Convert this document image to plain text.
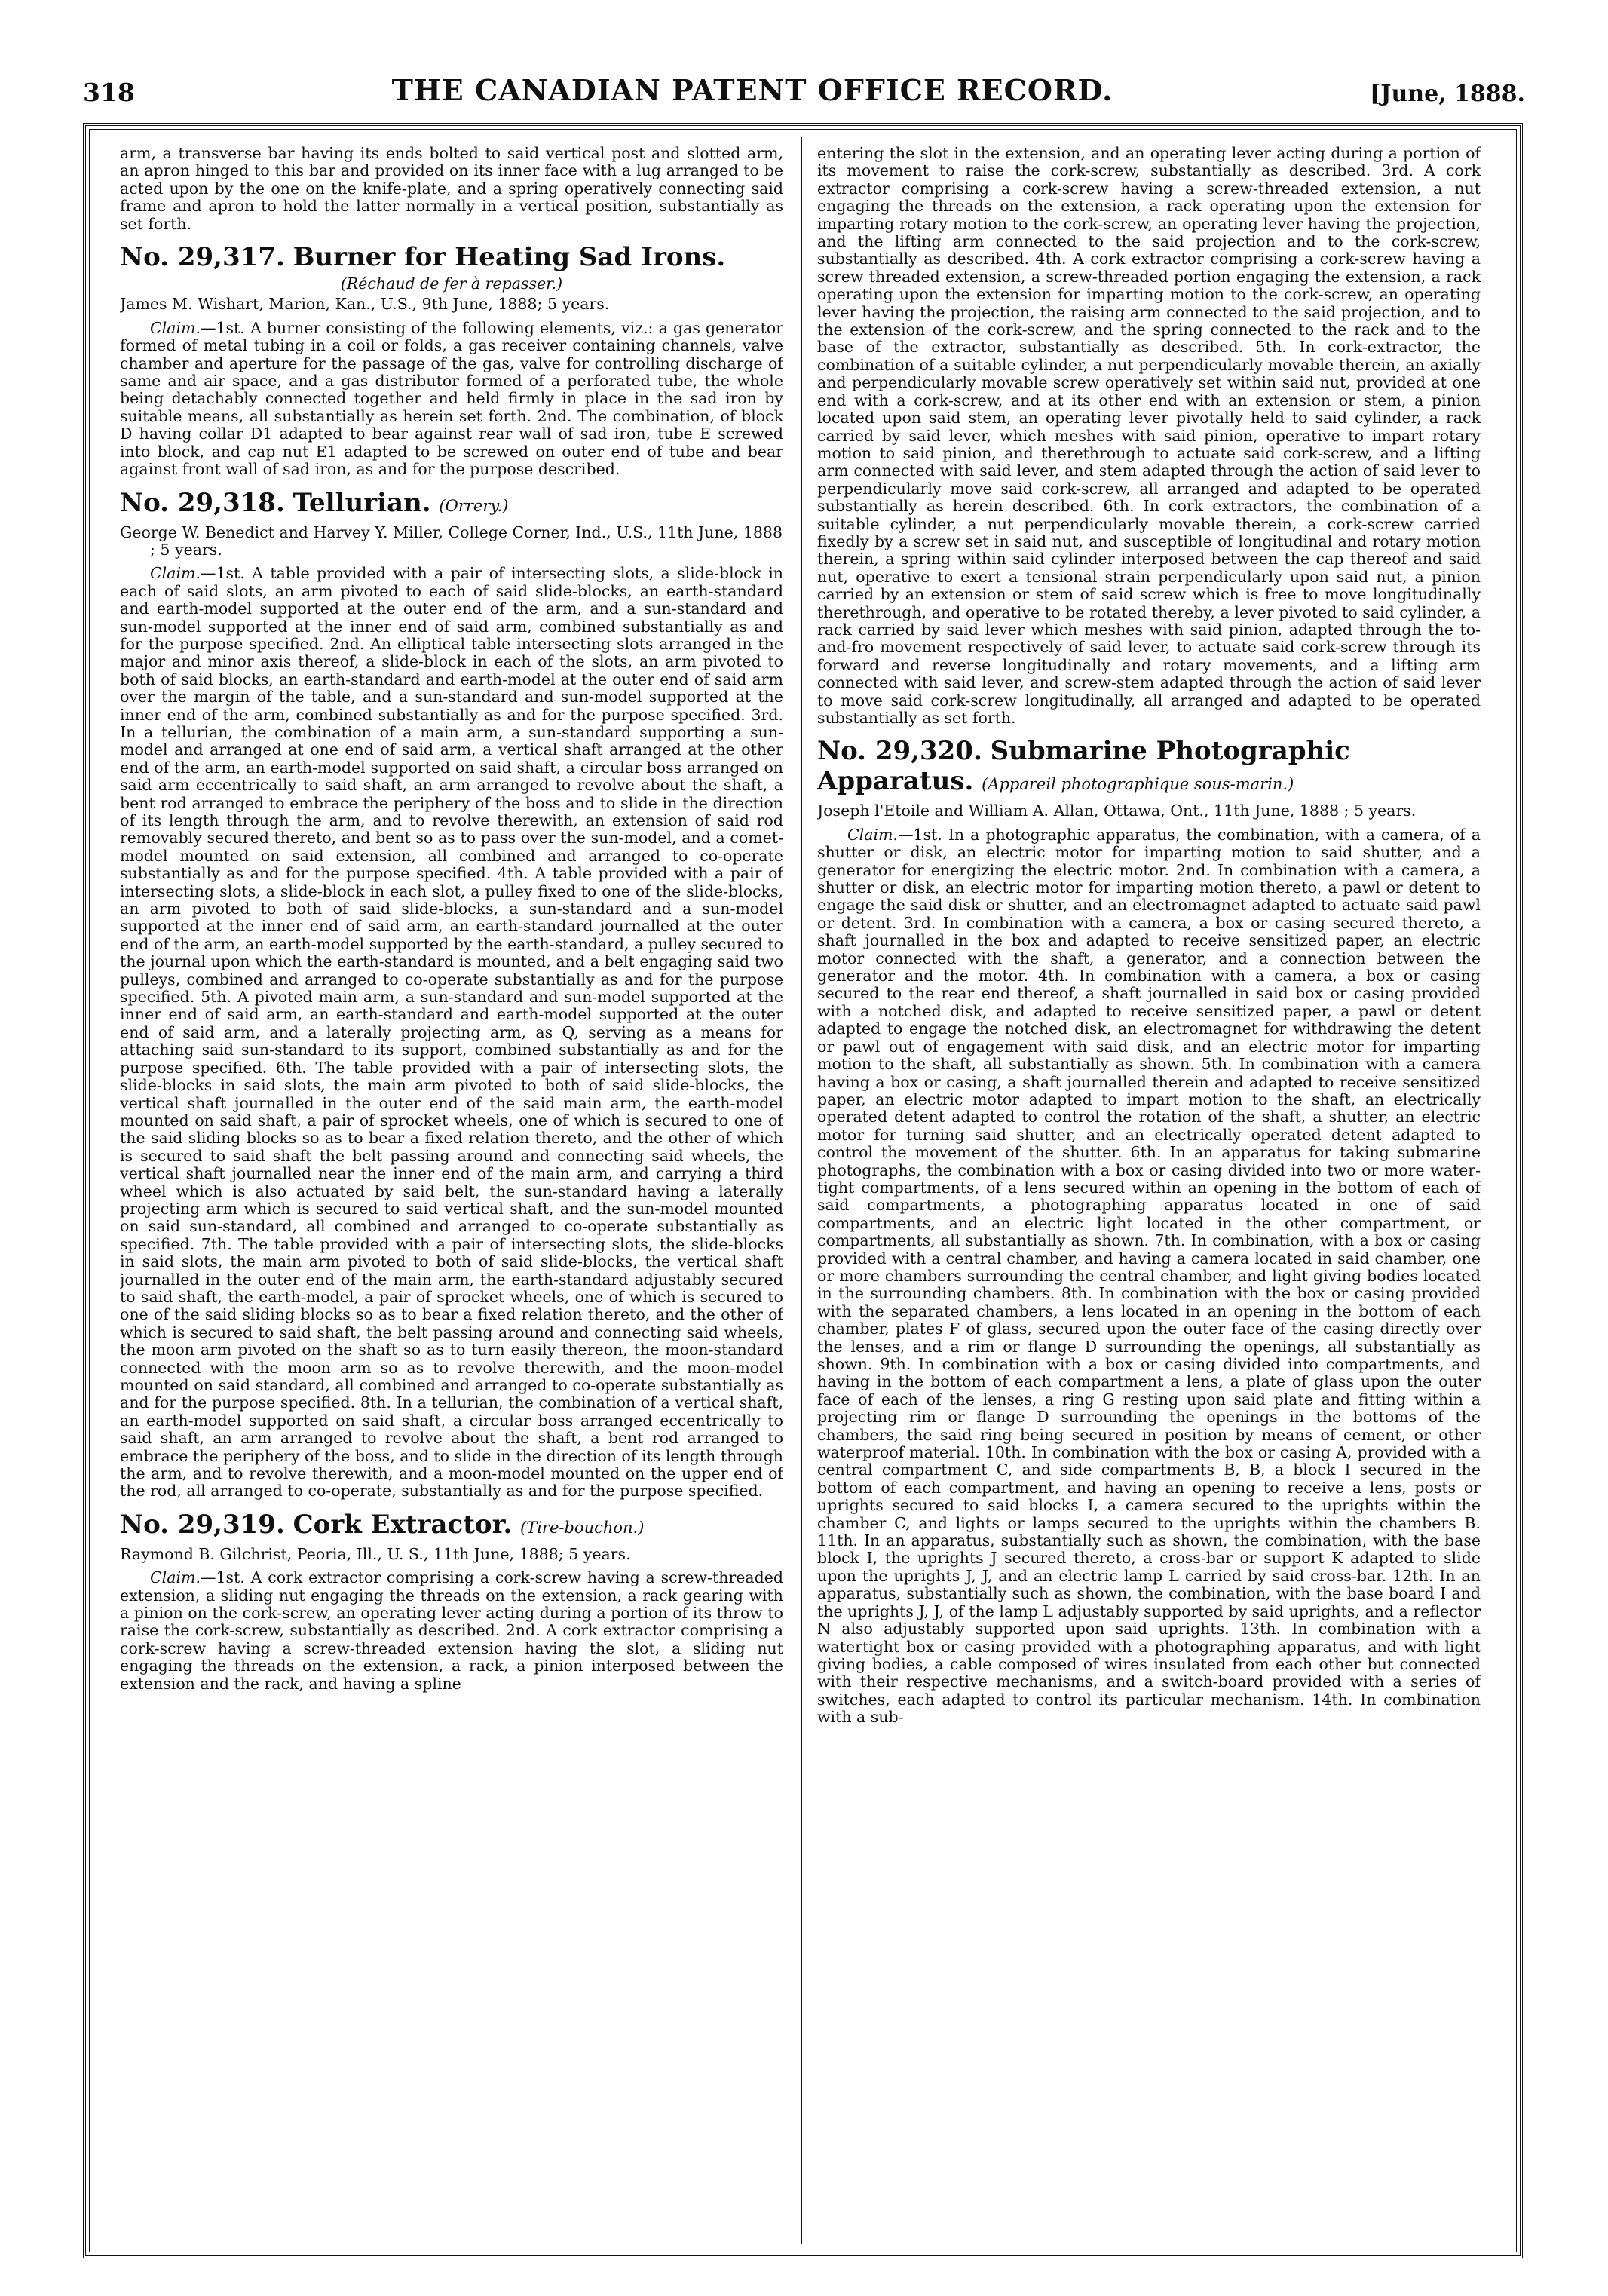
318	THE CANADIAN PATENT OFFICE RECORD.	[June, 1888.

arm, a transverse bar having its ends bolted to said vertical post and slotted arm, an apron hinged to this bar and provided on its inner face with a lug arranged to be acted upon by the one on the knife-plate, and a spring operatively connecting said frame and apron to hold the latter normally in a vertical position, substantially as set forth.

No. 29,317. Burner for Heating Sad Irons.

(Réchaud de fer à repasser.)

James M. Wishart, Marion, Kan., U.S., 9th June, 1888; 5 years.

Claim.—1st. A burner consisting of the following elements, viz.: a gas generator formed of metal tubing in a coil or folds, a gas receiver containing channels, valve chamber and aperture for the passage of the gas, valve for controlling discharge of same and air space, and a gas distributor formed of a perforated tube, the whole being detachably connected together and held firmly in place in the sad iron by suitable means, all substantially as herein set forth. 2nd. The combination, of block D having collar D1 adapted to bear against rear wall of sad iron, tube E screwed into block, and cap nut E1 adapted to be screwed on outer end of tube and bear against front wall of sad iron, as and for the purpose described.

No. 29,318. Tellurian. (Orrery.)

George W. Benedict and Harvey Y. Miller, College Corner, Ind., U.S., 11th June, 1888 ; 5 years.

Claim.—1st. A table provided with a pair of intersecting slots, a slide-block in each of said slots, an arm pivoted to each of said slide-blocks, an earth-standard and earth-model supported at the outer end of the arm, and a sun-standard and sun-model supported at the inner end of said arm, combined substantially as and for the purpose specified. 2nd. An elliptical table intersecting slots arranged in the major and minor axis thereof, a slide-block in each of the slots, an arm pivoted to both of said blocks, an earth-standard and earth-model at the outer end of said arm over the margin of the table, and a sun-standard and sun-model supported at the inner end of the arm, combined substantially as and for the purpose specified. 3rd. In a tellurian, the combination of a main arm, a sun-standard supporting a sun-model and arranged at one end of said arm, a vertical shaft arranged at the other end of the arm, an earth-model supported on said shaft, a circular boss arranged on said arm eccentrically to said shaft, an arm arranged to revolve about the shaft, a bent rod arranged to embrace the periphery of the boss and to slide in the direction of its length through the arm, and to revolve therewith, an extension of said rod removably secured thereto, and bent so as to pass over the sun-model, and a comet-model mounted on said extension, all combined and arranged to co-operate substantially as and for the purpose specified. 4th. A table provided with a pair of intersecting slots, a slide-block in each slot, a pulley fixed to one of the slide-blocks, an arm pivoted to both of said slide-blocks, a sun-standard and a sun-model supported at the inner end of said arm, an earth-standard journalled at the outer end of the arm, an earth-model supported by the earth-standard, a pulley secured to the journal upon which the earth-standard is mounted, and a belt engaging said two pulleys, combined and arranged to co-operate substantially as and for the purpose specified. 5th. A pivoted main arm, a sun-standard and sun-model supported at the inner end of said arm, an earth-standard and earth-model supported at the outer end of said arm, and a laterally projecting arm, as Q, serving as a means for attaching said sun-standard to its support, combined substantially as and for the purpose specified. 6th. The table provided with a pair of intersecting slots, the slide-blocks in said slots, the main arm pivoted to both of said slide-blocks, the vertical shaft journalled in the outer end of the said main arm, the earth-model mounted on said shaft, a pair of sprocket wheels, one of which is secured to one of the said sliding blocks so as to bear a fixed relation thereto, and the other of which is secured to said shaft the belt passing around and connecting said wheels, the vertical shaft journalled near the inner end of the main arm, and carrying a third wheel which is also actuated by said belt, the sun-standard having a laterally projecting arm which is secured to said vertical shaft, and the sun-model mounted on said sun-standard, all combined and arranged to co-operate substantially as specified. 7th. The table provided with a pair of intersecting slots, the slide-blocks in said slots, the main arm pivoted to both of said slide-blocks, the vertical shaft journalled in the outer end of the main arm, the earth-standard adjustably secured to said shaft, the earth-model, a pair of sprocket wheels, one of which is secured to one of the said sliding blocks so as to bear a fixed relation thereto, and the other of which is secured to said shaft, the belt passing around and connecting said wheels, the moon arm pivoted on the shaft so as to turn easily thereon, the moon-standard connected with the moon arm so as to revolve therewith, and the moon-model mounted on said standard, all combined and arranged to co-operate substantially as and for the purpose specified. 8th. In a tellurian, the combination of a vertical shaft, an earth-model supported on said shaft, a circular boss arranged eccentrically to said shaft, an arm arranged to revolve about the shaft, a bent rod arranged to embrace the periphery of the boss, and to slide in the direction of its length through the arm, and to revolve therewith, and a moon-model mounted on the upper end of the rod, all arranged to co-operate, substantially as and for the purpose specified.

No. 29,319. Cork Extractor. (Tire-bouchon.)

Raymond B. Gilchrist, Peoria, Ill., U. S., 11th June, 1888; 5 years.

Claim.—1st. A cork extractor comprising a cork-screw having a screw-threaded extension, a sliding nut engaging the threads on the extension, a rack gearing with a pinion on the cork-screw, an operating lever acting during a portion of its throw to raise the cork-screw, substantially as described. 2nd. A cork extractor comprising a cork-screw having a screw-threaded extension having the slot, a sliding nut engaging the threads on the extension, a rack, a pinion interposed between the extension and the rack, and having a spline

entering the slot in the extension, and an operating lever acting during a portion of its movement to raise the cork-screw, substantially as described. 3rd. A cork extractor comprising a cork-screw having a screw-threaded extension, a nut engaging the threads on the extension, a rack operating upon the extension for imparting rotary motion to the cork-screw, an operating lever having the projection, and the lifting arm connected to the said projection and to the cork-screw, substantially as described. 4th. A cork extractor comprising a cork-screw having a screw threaded extension, a screw-threaded portion engaging the extension, a rack operating upon the extension for imparting motion to the cork-screw, an operating lever having the projection, the raising arm connected to the said projection, and to the extension of the cork-screw, and the spring connected to the rack and to the base of the extractor, substantially as described. 5th. In cork-extractor, the combination of a suitable cylinder, a nut perpendicularly movable therein, an axially and perpendicularly movable screw operatively set within said nut, provided at one end with a cork-screw, and at its other end with an extension or stem, a pinion located upon said stem, an operating lever pivotally held to said cylinder, a rack carried by said lever, which meshes with said pinion, operative to impart rotary motion to said pinion, and therethrough to actuate said cork-screw, and a lifting arm connected with said lever, and stem adapted through the action of said lever to perpendicularly move said cork-screw, all arranged and adapted to be operated substantially as herein described. 6th. In cork extractors, the combination of a suitable cylinder, a nut perpendicularly movable therein, a cork-screw carried fixedly by a screw set in said nut, and susceptible of longitudinal and rotary motion therein, a spring within said cylinder interposed between the cap thereof and said nut, operative to exert a tensional strain perpendicularly upon said nut, a pinion carried by an extension or stem of said screw which is free to move longitudinally therethrough, and operative to be rotated thereby, a lever pivoted to said cylinder, a rack carried by said lever which meshes with said pinion, adapted through the to-and-fro movement respectively of said lever, to actuate said cork-screw through its forward and reverse longitudinally and rotary movements, and a lifting arm connected with said lever, and screw-stem adapted through the action of said lever to move said cork-screw longitudinally, all arranged and adapted to be operated substantially as set forth.

No. 29,320. Submarine Photographic Apparatus. (Appareil photographique sous-marin.)

Joseph l'Etoile and William A. Allan, Ottawa, Ont., 11th June, 1888 ; 5 years.

Claim.—1st. In a photographic apparatus, the combination, with a camera, of a shutter or disk, an electric motor for imparting motion to said shutter, and a generator for energizing the electric motor. 2nd. In combination with a camera, a shutter or disk, an electric motor for imparting motion thereto, a pawl or detent to engage the said disk or shutter, and an electromagnet adapted to actuate said pawl or detent. 3rd. In combination with a camera, a box or casing secured thereto, a shaft journalled in the box and adapted to receive sensitized paper, an electric motor connected with the shaft, a generator, and a connection between the generator and the motor. 4th. In combination with a camera, a box or casing secured to the rear end thereof, a shaft journalled in said box or casing provided with a notched disk, and adapted to receive sensitized paper, a pawl or detent adapted to engage the notched disk, an electromagnet for withdrawing the detent or pawl out of engagement with said disk, and an electric motor for imparting motion to the shaft, all substantially as shown. 5th. In combination with a camera having a box or casing, a shaft journalled therein and adapted to receive sensitized paper, an electric motor adapted to impart motion to the shaft, an electrically operated detent adapted to control the rotation of the shaft, a shutter, an electric motor for turning said shutter, and an electrically operated detent adapted to control the movement of the shutter. 6th. In an apparatus for taking submarine photographs, the combination with a box or casing divided into two or more water-tight compartments, of a lens secured within an opening in the bottom of each of said compartments, a photographing apparatus located in one of said compartments, and an electric light located in the other compartment, or compartments, all substantially as shown. 7th. In combination, with a box or casing provided with a central chamber, and having a camera located in said chamber, one or more chambers surrounding the central chamber, and light giving bodies located in the surrounding chambers. 8th. In combination with the box or casing provided with the separated chambers, a lens located in an opening in the bottom of each chamber, plates F of glass, secured upon the outer face of the casing directly over the lenses, and a rim or flange D surrounding the openings, all substantially as shown. 9th. In combination with a box or casing divided into compartments, and having in the bottom of each compartment a lens, a plate of glass upon the outer face of each of the lenses, a ring G resting upon said plate and fitting within a projecting rim or flange D surrounding the openings in the bottoms of the chambers, the said ring being secured in position by means of cement, or other waterproof material. 10th. In combination with the box or casing A, provided with a central compartment C, and side compartments B, B, a block I secured in the bottom of each compartment, and having an opening to receive a lens, posts or uprights secured to said blocks I, a camera secured to the uprights within the chamber C, and lights or lamps secured to the uprights within the chambers B. 11th. In an apparatus, substantially such as shown, the combination, with the base block I, the uprights J secured thereto, a cross-bar or support K adapted to slide upon the uprights J, J, and an electric lamp L carried by said cross-bar. 12th. In an apparatus, substantially such as shown, the combination, with the base board I and the uprights J, J, of the lamp L adjustably supported by said uprights, and a reflector N also adjustably supported upon said uprights. 13th. In combination with a watertight box or casing provided with a photographing apparatus, and with light giving bodies, a cable composed of wires insulated from each other but connected with their respective mechanisms, and a switch-board provided with a series of switches, each adapted to control its particular mechanism. 14th. In combination with a sub-
